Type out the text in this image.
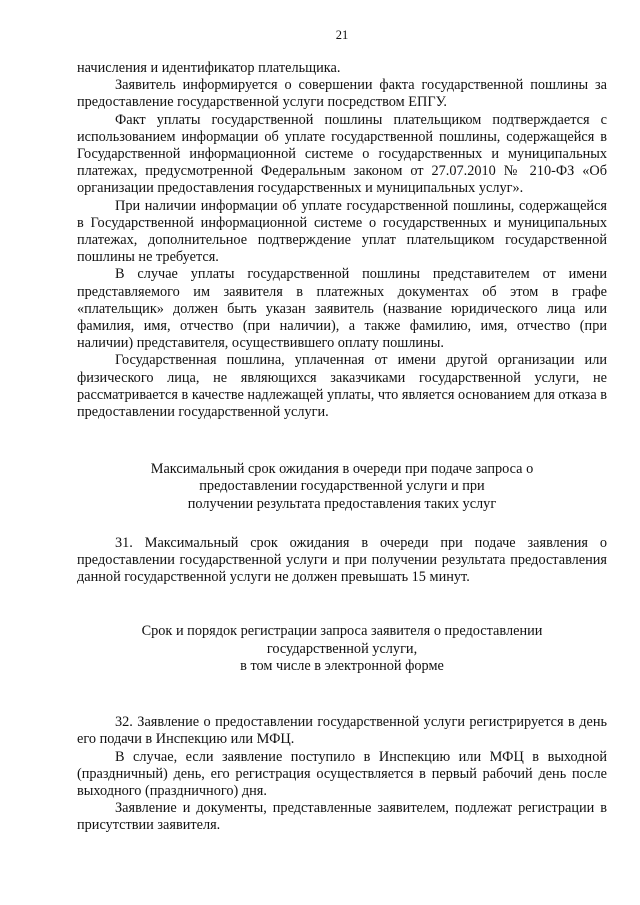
21

начисления и идентификатор плательщика.

Заявитель информируется о совершении факта государственной пошлины за предоставление государственной услуги посредством ЕПГУ.

Факт уплаты государственной пошлины плательщиком подтверждается с использованием информации об уплате государственной пошлины, содержащейся в Государственной информационной системе о государственных и муниципальных платежах, предусмотренной Федеральным законом от 27.07.2010 № 210-ФЗ «Об организации предоставления государственных и муниципальных услуг».

При наличии информации об уплате государственной пошлины, содержащейся в Государственной информационной системе о государственных и муниципальных платежах, дополнительное подтверждение уплат плательщиком государственной пошлины не требуется.

В случае уплаты государственной пошлины представителем от имени представляемого им заявителя в платежных документах об этом в графе «плательщик» должен быть указан заявитель (название юридического лица или фамилия, имя, отчество (при наличии), а также фамилию, имя, отчество (при наличии) представителя, осуществившего оплату пошлины.

Государственная пошлина, уплаченная от имени другой организации или физического лица, не являющихся заказчиками государственной услуги, не рассматривается в качестве надлежащей уплаты, что является основанием для отказа в предоставлении государственной услуги.

Максимальный срок ожидания в очереди при подаче запроса о
предоставлении государственной услуги и при
получении результата предоставления таких услуг

31. Максимальный срок ожидания в очереди при подаче заявления о предоставлении государственной услуги и при получении результата предоставления данной государственной услуги не должен превышать 15 минут.

Срок и порядок регистрации запроса заявителя о предоставлении
государственной услуги,
в том числе в электронной форме

32. Заявление о предоставлении государственной услуги регистрируется в день его подачи в Инспекцию или МФЦ.

В случае, если заявление поступило в Инспекцию или МФЦ в выходной (праздничный) день, его регистрация осуществляется в первый рабочий день после выходного (праздничного) дня.

Заявление и документы, представленные заявителем, подлежат регистрации в присутствии заявителя.
